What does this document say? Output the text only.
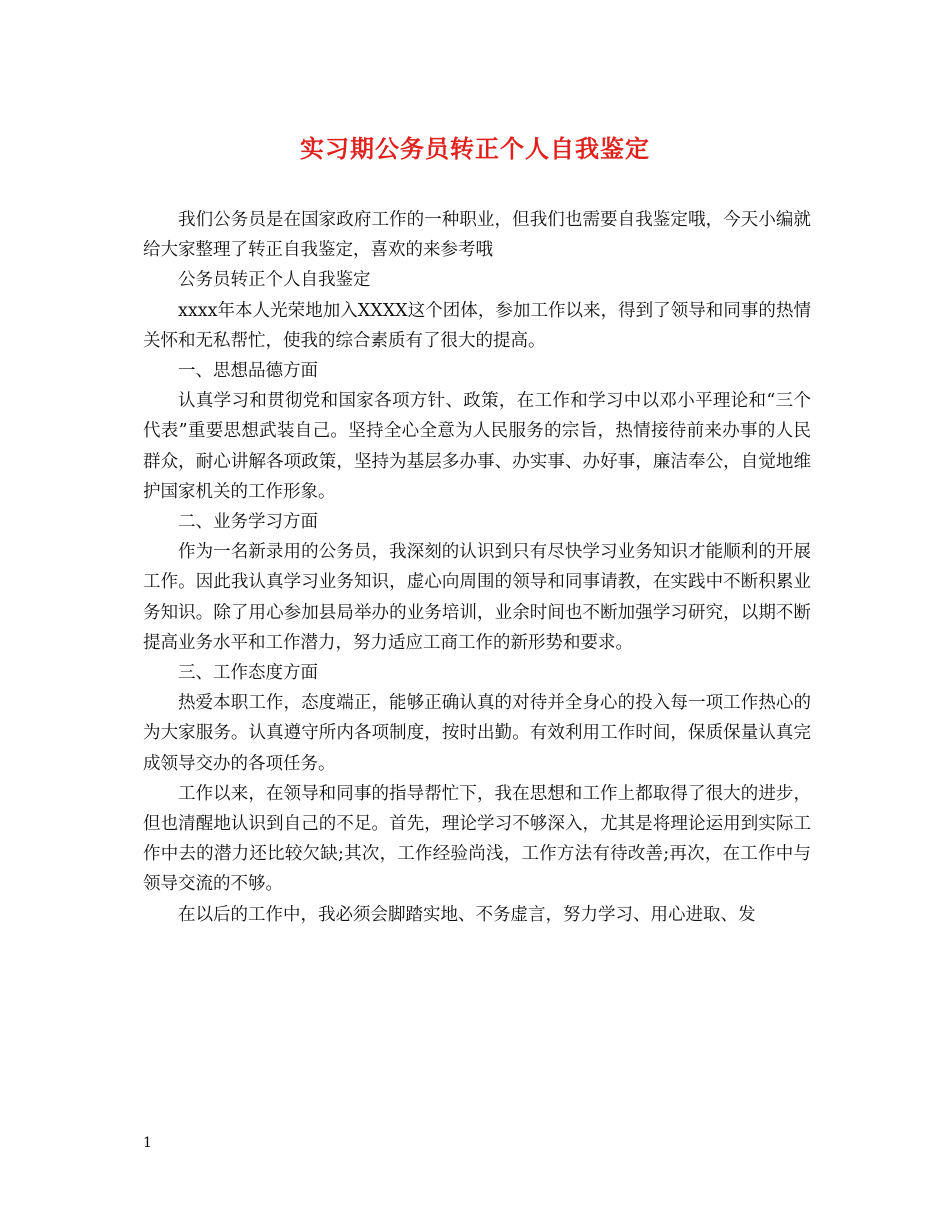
实习期公务员转正个人自我鉴定

我们公务员是在国家政府工作的一种职业，但我们也需要自我鉴定哦，今天小编就给大家整理了转正自我鉴定，喜欢的来参考哦

公务员转正个人自我鉴定

xxxx年本人光荣地加入XXXX这个团体，参加工作以来，得到了领导和同事的热情关怀和无私帮忙，使我的综合素质有了很大的提高。

一、思想品德方面

认真学习和贯彻党和国家各项方针、政策，在工作和学习中以邓小平理论和“三个代表”重要思想武装自己。坚持全心全意为人民服务的宗旨，热情接待前来办事的人民群众，耐心讲解各项政策，坚持为基层多办事、办实事、办好事，廉洁奉公，自觉地维护国家机关的工作形象。

二、业务学习方面

作为一名新录用的公务员，我深刻的认识到只有尽快学习业务知识才能顺利的开展工作。因此我认真学习业务知识，虚心向周围的领导和同事请教，在实践中不断积累业务知识。除了用心参加县局举办的业务培训，业余时间也不断加强学习研究，以期不断提高业务水平和工作潜力，努力适应工商工作的新形势和要求。

三、工作态度方面

热爱本职工作，态度端正，能够正确认真的对待并全身心的投入每一项工作热心的为大家服务。认真遵守所内各项制度，按时出勤。有效利用工作时间，保质保量认真完成领导交办的各项任务。

工作以来，在领导和同事的指导帮忙下，我在思想和工作上都取得了很大的进步，但也清醒地认识到自己的不足。首先，理论学习不够深入，尤其是将理论运用到实际工作中去的潜力还比较欠缺;其次，工作经验尚浅，工作方法有待改善;再次，在工作中与领导交流的不够。

在以后的工作中，我必须会脚踏实地、不务虚言，努力学习、用心进取、发

1
